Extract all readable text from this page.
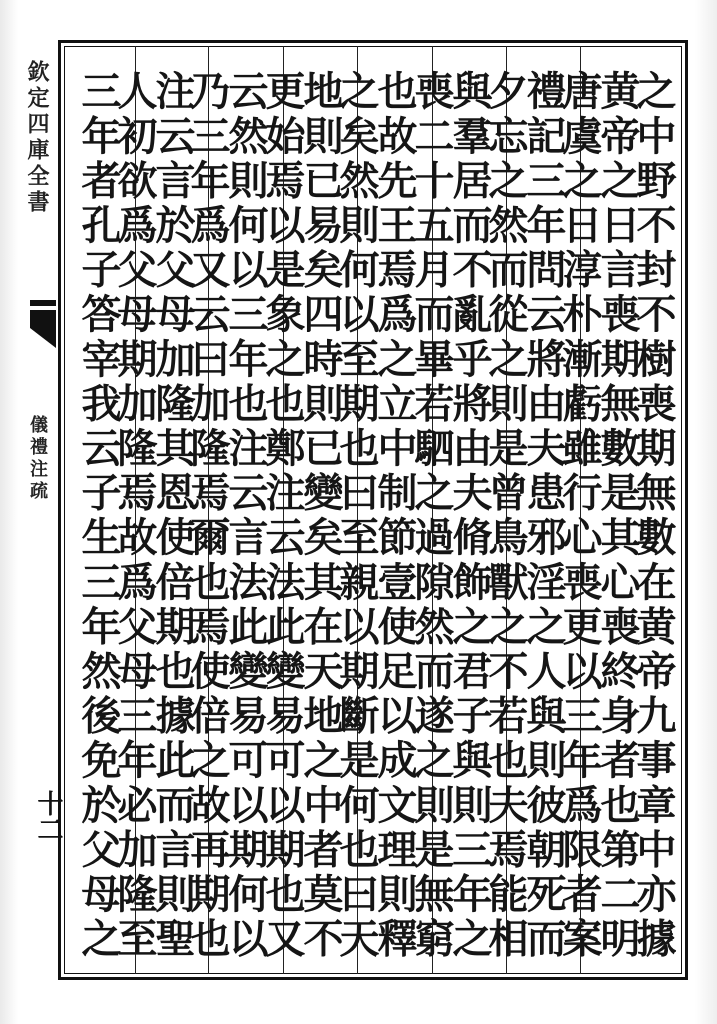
欽定四庫全書
儀禮注疏
十二	之中野不封不樹喪期無數在黄帝九事章中亦據
黄帝之日言喪期無數是其心喪終身者也第二明
唐虞之日淳朴漸虧雖行心喪更以三年爲限者案
禮記三年問云將由夫患邪淫之人與則彼朝死而
夕忘之然而從之則是曾鳥獸之不若也夫焉能相
與羣居而不亂乎將由夫脩飾之君子與則三年之
喪二十五月而畢若駟之過隙然而遂之則是無窮
也故先王焉爲之立中制節壹使足以成文理則釋
之矣然則何以至期也曰至親以期斷是何也曰天
地則已易矣四時則已變矣其在天地之中者莫不
更始焉以是象之也鄭注云法此變易可以期也又
云然則何以三年也注云言法此變易可以期何以
乃三年爲又云曰加隆焉爾也焉使倍之故再期也
注云言於父母加隆其恩使倍期也據此而言則聖
人初欲爲父母期加隆焉故爲父母三年必加隆至
三年者孔子答宰我云子生三年然後免於父母之
